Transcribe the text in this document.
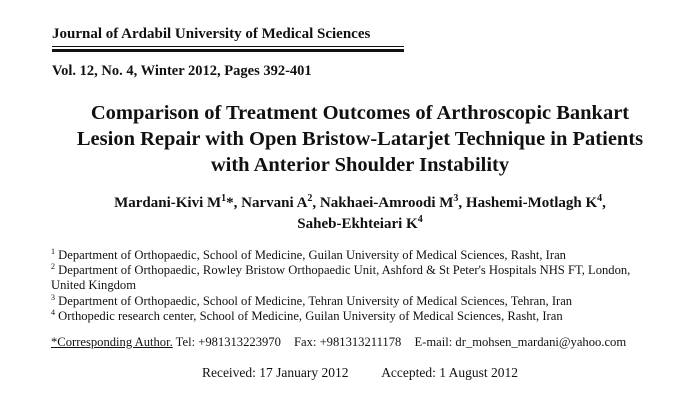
Journal of Ardabil University of Medical Sciences
Vol. 12, No. 4, Winter 2012, Pages 392-401
Comparison of Treatment Outcomes of Arthroscopic Bankart
Lesion Repair with Open Bristow-Latarjet Technique in Patients
with Anterior Shoulder Instability
Mardani-Kivi $M^1*$, Narvani $A^2$, Nakhaei-Amroodi $M^3$, Hashemi-Motlagh $K^4$,
Saheb-Ekhteiari $K^4$
$^1$ Department of Orthopaedic, School of Medicine, Guilan University of Medical Sciences, Rasht, Iran
$^2$ Department of Orthopaedic, Rowley Bristow Orthopaedic Unit, Ashford & St Peter's Hospitals NHS FT, London, United Kingdom
$^3$ Department of Orthopaedic, School of Medicine, Tehran University of Medical Sciences, Tehran, Iran
$^4$ Orthopedic research center, School of Medicine, Guilan University of Medical Sciences, Rasht, Iran
*Corresponding Author. Tel: +981313223970 Fax: +981313211178 E-mail: dr_mohsen_mardani@yahoo.com
Received: 17 January 2012 Accepted: 1 August 2012
